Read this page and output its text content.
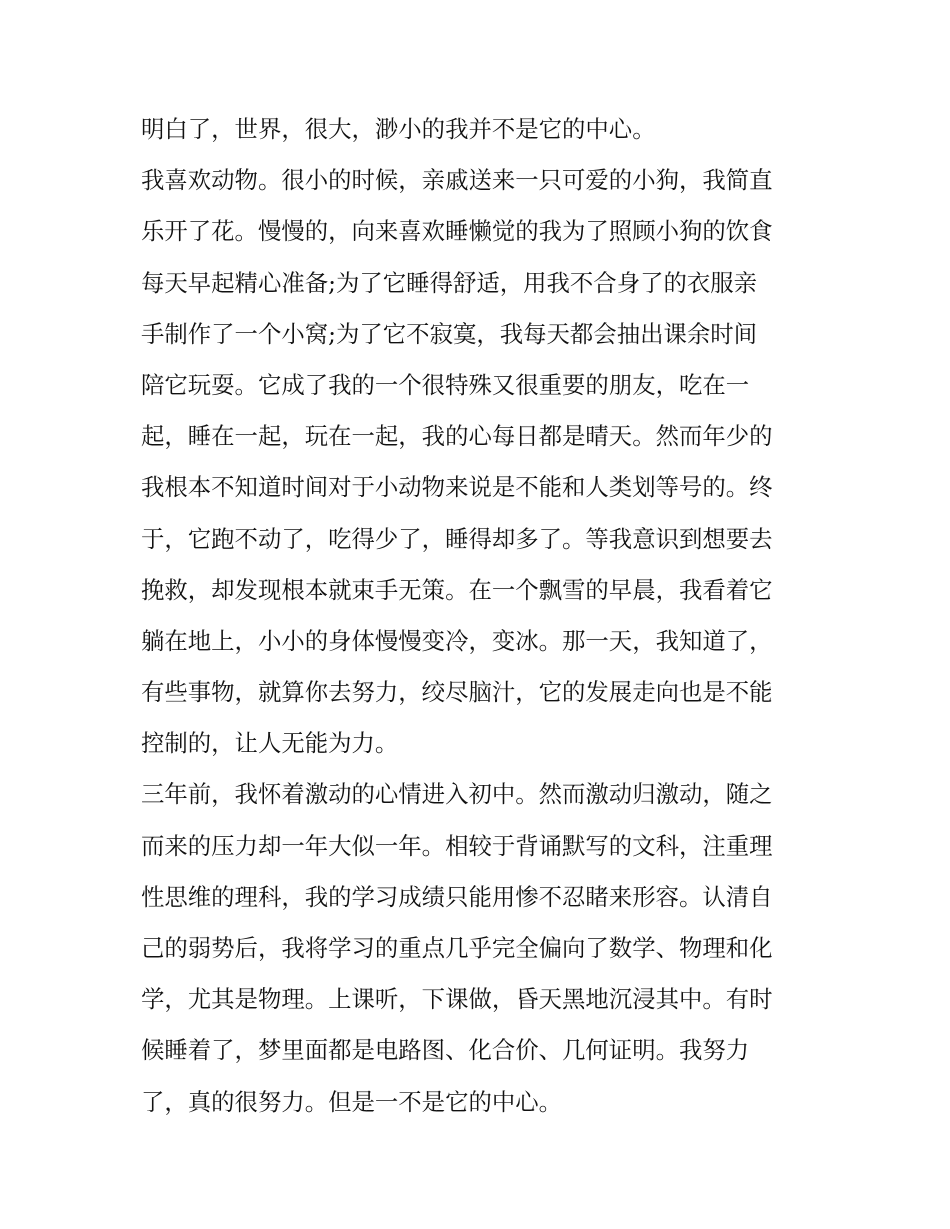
明白了，世界，很大，渺小的我并不是它的中心。
我喜欢动物。很小的时候，亲戚送来一只可爱的小狗，我简直
乐开了花。慢慢的，向来喜欢睡懒觉的我为了照顾小狗的饮食
每天早起精心准备;为了它睡得舒适，用我不合身了的衣服亲
手制作了一个小窝;为了它不寂寞，我每天都会抽出课余时间
陪它玩耍。它成了我的一个很特殊又很重要的朋友，吃在一
起，睡在一起，玩在一起，我的心每日都是晴天。然而年少的
我根本不知道时间对于小动物来说是不能和人类划等号的。终
于，它跑不动了，吃得少了，睡得却多了。等我意识到想要去
挽救，却发现根本就束手无策。在一个飘雪的早晨，我看着它
躺在地上，小小的身体慢慢变冷，变冰。那一天，我知道了，
有些事物，就算你去努力，绞尽脑汁，它的发展走向也是不能
控制的，让人无能为力。
三年前，我怀着激动的心情进入初中。然而激动归激动，随之
而来的压力却一年大似一年。相较于背诵默写的文科，注重理
性思维的理科，我的学习成绩只能用惨不忍睹来形容。认清自
己的弱势后，我将学习的重点几乎完全偏向了数学、物理和化
学，尤其是物理。上课听，下课做，昏天黑地沉浸其中。有时
候睡着了，梦里面都是电路图、化合价、几何证明。我努力
了，真的很努力。但是一不是它的中心。
